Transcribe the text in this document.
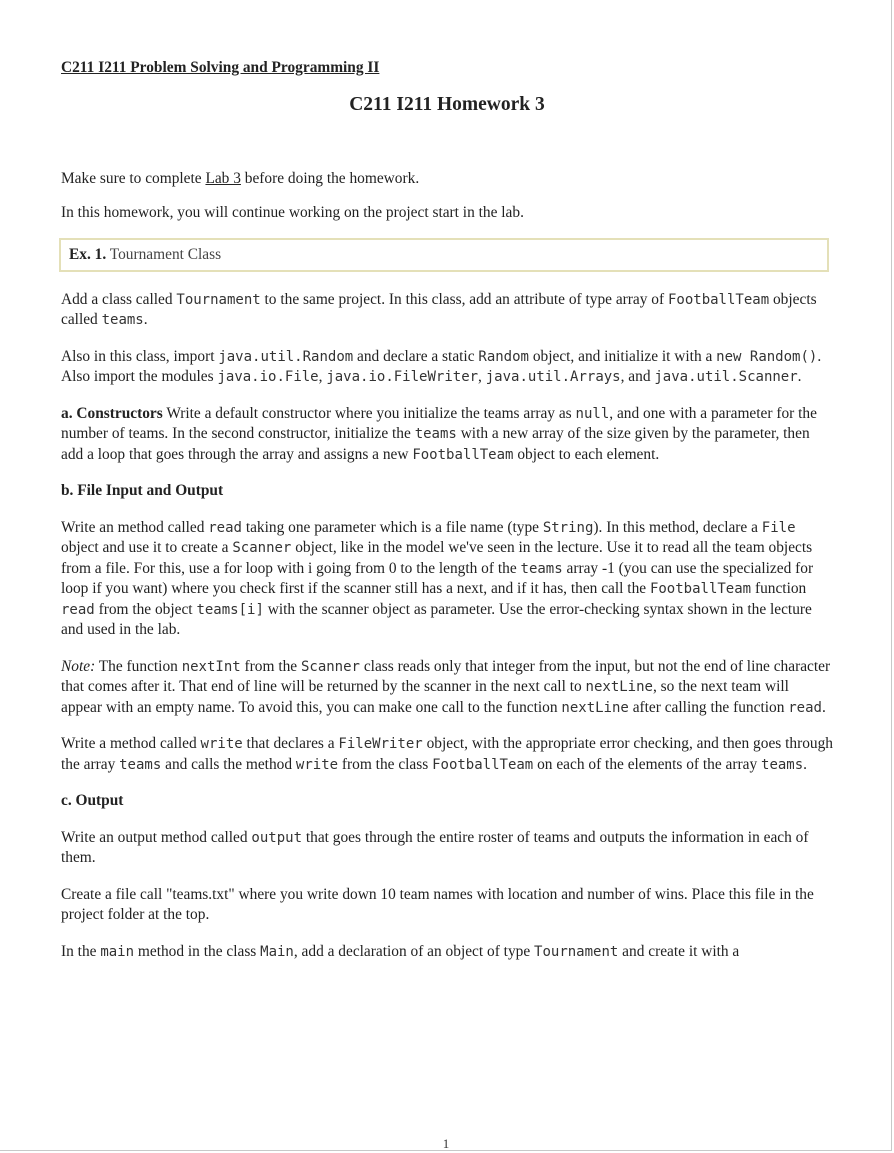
C211 I211 Problem Solving and Programming II

C211 I211 Homework 3

Make sure to complete Lab 3 before doing the homework.

In this homework, you will continue working on the project start in the lab.

Ex. 1. Tournament Class

Add a class called Tournament to the same project. In this class, add an attribute of type array of FootballTeam objects called teams.

Also in this class, import java.util.Random and declare a static Random object, and initialize it with a new Random(). Also import the modules java.io.File, java.io.FileWriter, java.util.Arrays, and java.util.Scanner.

a. Constructors Write a default constructor where you initialize the teams array as null, and one with a parameter for the number of teams. In the second constructor, initialize the teams with a new array of the size given by the parameter, then add a loop that goes through the array and assigns a new FootballTeam object to each element.

b. File Input and Output

Write an method called read taking one parameter which is a file name (type String). In this method, declare a File object and use it to create a Scanner object, like in the model we've seen in the lecture. Use it to read all the team objects from a file. For this, use a for loop with i going from 0 to the length of the teams array -1 (you can use the specialized for loop if you want) where you check first if the scanner still has a next, and if it has, then call the FootballTeam function read from the object teams[i] with the scanner object as parameter. Use the error-checking syntax shown in the lecture and used in the lab.

Note: The function nextInt from the Scanner class reads only that integer from the input, but not the end of line character that comes after it. That end of line will be returned by the scanner in the next call to nextLine, so the next team will appear with an empty name. To avoid this, you can make one call to the function nextLine after calling the function read.

Write a method called write that declares a FileWriter object, with the appropriate error checking, and then goes through the array teams and calls the method write from the class FootballTeam on each of the elements of the array teams.

c. Output

Write an output method called output that goes through the entire roster of teams and outputs the information in each of them.

Create a file call "teams.txt" where you write down 10 team names with location and number of wins. Place this file in the project folder at the top.

In the main method in the class Main, add a declaration of an object of type Tournament and create it with a

1
